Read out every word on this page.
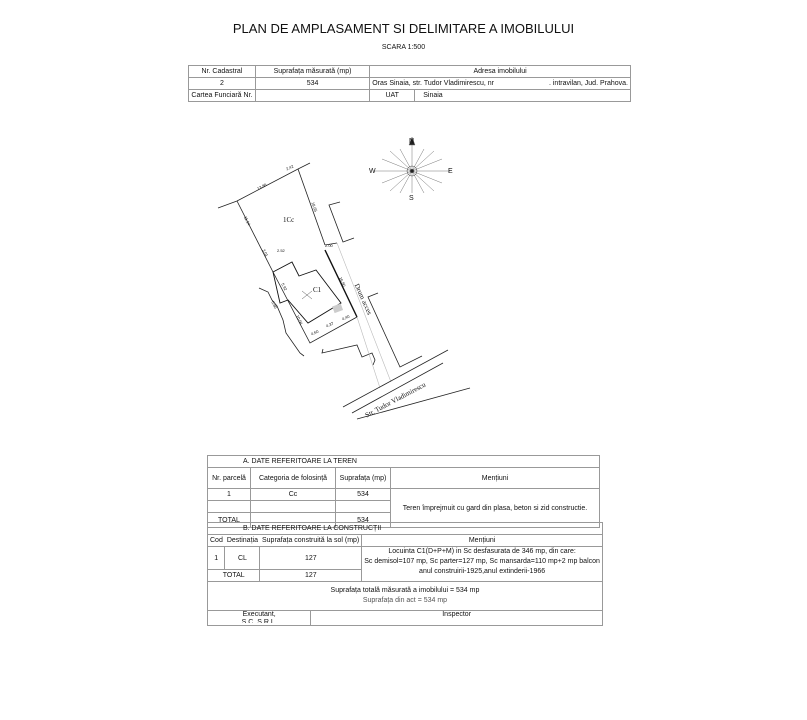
PLAN DE AMPLASAMENT SI DELIMITARE A IMOBILULUI
SCARA 1:500
Nr. Cadastral	Suprafața măsurată (mp)	Adresa imobilului	
2	534	Oras Sinaia, str. Tudor Vladimirescu, nr . intravilan, Jud. Prahova.	
Cartea Funciară Nr.		UAT	Sinaia
N
S
E
W
1Cc
C1	Drum acces
Str. Tudor Vladimirescu
2.42
13.86
11.14
18.65
3.01 2.52
2.00
5.92	16.90
0.80
10.04
4.60
4.37
4.40
A. DATE REFERITOARE LA TEREN			
Nr. parcelă	Categoria de folosință	Suprafața (mp)	Mențiuni
1	Cc	534	Teren împrejmuit cu gard din plasa, beton si zid constructie.

TOTAL		534	
B. DATE REFERITOARE LA CONSTRUCȚII				
Cod	Destinația	Suprafața construită la sol (mp)		Mențiuni
1	CL	127		Locuinta C1(D+P+M) in Sc desfasurata de 346 mp, din care:
Sc demisol=107 mp, Sc parter=127 mp, Sc mansarda=110 mp+2 mp balcon
anul construirii-1925,anul extinderii-1966

TOTAL		127		

Suprafața totală măsurată a imobilului = 534 mp
Suprafața din act = 534 mp				

Executant,
S.C. S.R.L.			Inspector	
